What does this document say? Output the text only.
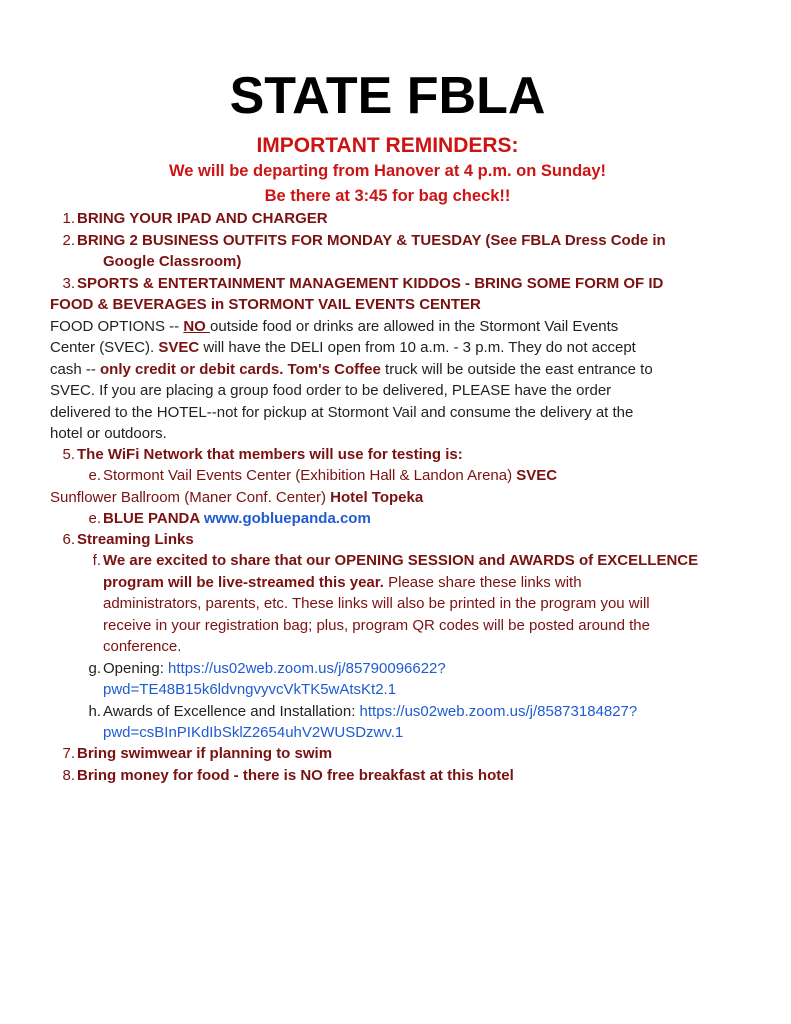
STATE FBLA
IMPORTANT REMINDERS:
We will be departing from Hanover at 4 p.m. on Sunday!
Be there at 3:45 for bag check!!
1. BRING YOUR IPAD AND CHARGER
2. BRING 2 BUSINESS OUTFITS FOR MONDAY & TUESDAY (See FBLA Dress Code in
Google Classroom)
3. SPORTS & ENTERTAINMENT MANAGEMENT KIDDOS - BRING SOME FORM OF ID
FOOD & BEVERAGES in STORMONT VAIL EVENTS CENTER
FOOD OPTIONS -- NO outside food or drinks are allowed in the Stormont Vail Events
Center (SVEC). SVEC will have the DELI open from 10 a.m. - 3 p.m. They do not accept
cash -- only credit or debit cards. Tom's Coffee truck will be outside the east entrance to
SVEC. If you are placing a group food order to be delivered, PLEASE have the order
delivered to the HOTEL--not for pickup at Stormont Vail and consume the delivery at the
hotel or outdoors.
5. The WiFi Network that members will use for testing is:
e. Stormont Vail Events Center (Exhibition Hall & Landon Arena) SVEC
Sunflower Ballroom (Maner Conf. Center) Hotel Topeka
e. BLUE PANDA www.gobluepanda.com
6. Streaming Links
f. We are excited to share that our OPENING SESSION and AWARDS of EXCELLENCE
program will be live-streamed this year. Please share these links with
administrators, parents, etc. These links will also be printed in the program you will
receive in your registration bag; plus, program QR codes will be posted around the
conference.
g. Opening: https://us02web.zoom.us/j/85790096622?
pwd=TE48B15k6ldvngvyvcVkTK5wAtsKt2.1
h. Awards of Excellence and Installation: https://us02web.zoom.us/j/85873184827?
pwd=csBInPIKdIbSklZ2654uhV2WUSDzwv.1
7. Bring swimwear if planning to swim
8. Bring money for food - there is NO free breakfast at this hotel
